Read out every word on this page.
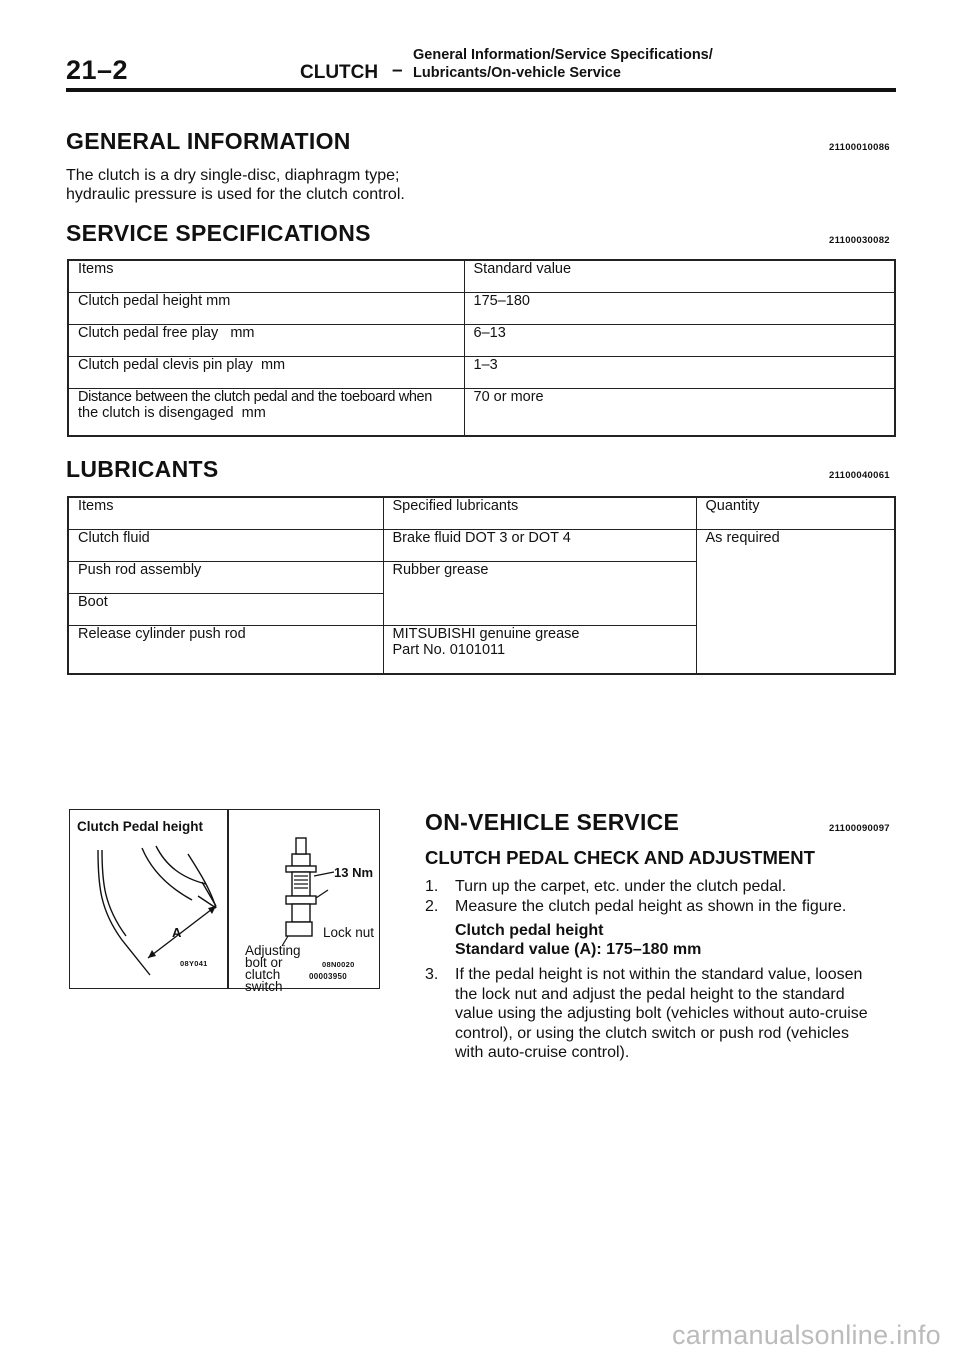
21–2	CLUTCH –
General Information/Service Specifications/
Lubricants/On-vehicle Service
GENERAL INFORMATION	21100010086
The clutch is a dry single-disc, diaphragm type;
hydraulic pressure is used for the clutch control.
SERVICE SPECIFICATIONS	21100030082
Items	Standard value
Clutch pedal height mm	175–180
Clutch pedal free play   mm	6–13
Clutch pedal clevis pin play  mm	1–3

Distance between the clutch pedal and the toeboard when
the clutch is disengaged  mm	70 or more
LUBRICANTS	21100040061
Items	Specified lubricants	Quantity
Clutch fluid	Brake fluid DOT 3 or DOT 4	As required
Push rod assembly	Rubber grease	
Boot		
Release cylinder push rod	MITSUBISHI genuine grease
Part No. 0101011	
Clutch Pedal height
A
08Y041
13 Nm
Lock nut
Adjusting
bolt or
clutch
switch
08N0020
00003950
ON-VEHICLE SERVICE	21100090097
CLUTCH PEDAL CHECK AND ADJUSTMENT
1. Turn up the carpet, etc. under the clutch pedal.
2. Measure the clutch pedal height as shown in the figure.
Clutch pedal height
Standard value (A): 175–180 mm
3. If the pedal height is not within the standard value, loosen
the lock nut and adjust the pedal height to the standard
value using the adjusting bolt (vehicles without auto-cruise
control), or using the clutch switch or push rod (vehicles
with auto-cruise control).
carmanualsonline.info
